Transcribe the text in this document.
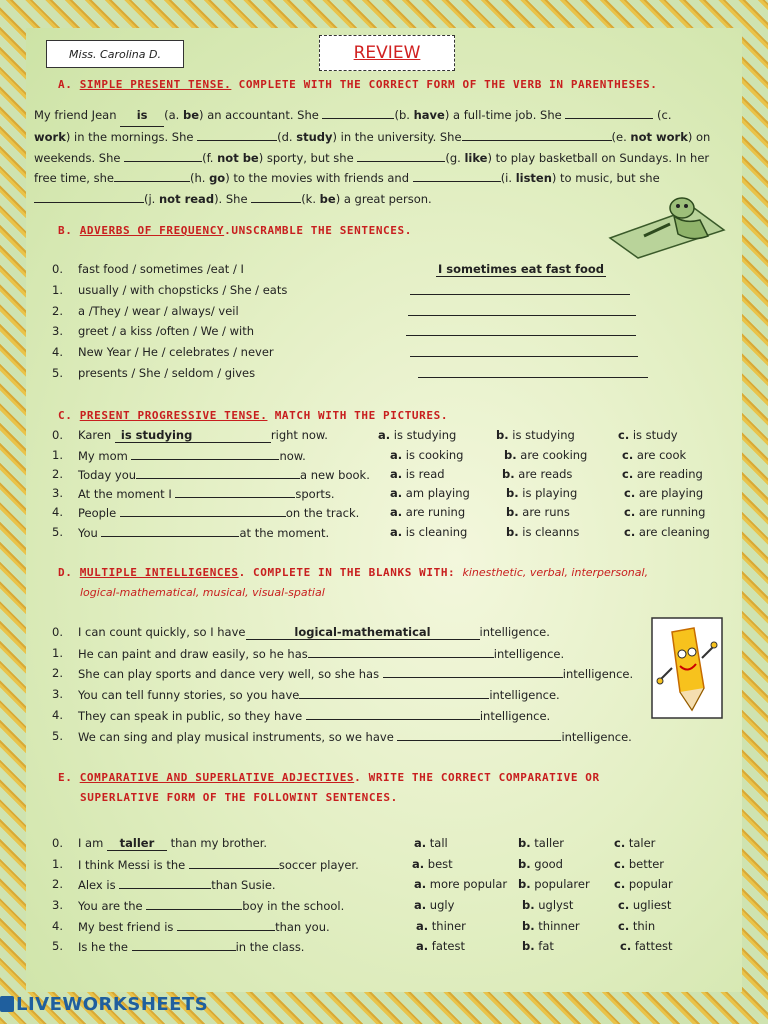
Miss. Carolina D.	REVIEW
A. SIMPLE PRESENT TENSE. COMPLETE WITH THE CORRECT FORM OF THE VERB IN PARENTHESES.
My friend Jean is (a. be) an accountant. She	(b. have) a full-time job. She	(c.
work) in the mornings. She	(d. study) in the university. She	(e. not work) on
weekends. She	(f. not be) sporty, but she	(g. like) to play basketball on Sundays. In her
free time, she	(h. go) to the movies with friends and	(i. listen) to music, but she
(j. not read). She	(k. be) a great person.
B. ADVERBS OF FREQUENCY.UNSCRAMBLE THE SENTENCES.
0. fast food / sometimes /eat / I	I sometimes eat fast food
1. usually / with chopsticks / She / eats
2. a /They / wear / always/ veil
3. greet / a kiss /often / We / with
4. New Year / He / celebrates / never
5. presents / She / seldom / gives
C. PRESENT PROGRESSIVE TENSE. MATCH WITH THE PICTURES.
0. Karen is studying	right now.	a. is studying	b. is studying	c. is study
1. My mom	now.	a. is cooking	b. are cooking	c. are cook
2. Today you	a new book. a. is read	b. are reads	c. are reading
3. At the moment I	sports.	a. am playing	b. is playing	c. are playing
4. People	on the track.	a. are runing	b. are runs	c. are running
5. You	at the moment.	a. is cleaning	b. is cleanns	c. are cleaning
D. MULTIPLE INTELLIGENCES. COMPLETE IN THE BLANKS WITH: kinesthetic, verbal, interpersonal,
logical-mathematical, musical, visual-spatial
0. I can count quickly, so I have	logical-mathematical	intelligence.
1. He can paint and draw easily, so he has	intelligence.
2. She can play sports and dance very well, so she has	intelligence.
3. You can tell funny stories, so you have	intelligence.
4. They can speak in public, so they have	intelligence.
5. We can sing and play musical instruments, so we have	intelligence.
E. COMPARATIVE AND SUPERLATIVE ADJECTIVES. WRITE THE CORRECT COMPARATIVE OR
SUPERLATIVE FORM OF THE FOLLOWINT SENTENCES.
0. I am taller than my brother.	a. tall	b. taller	c. taler
1. I think Messi is the	soccer player.	a. best	b. good	c. better
2. Alex is	than Susie.	a. more popular b. popularer c. popular
3. You are the	boy in the school.	a. ugly	b. uglyst	c. ugliest
4. My best friend is	than you.	a. thiner	b. thinner	c. thin
5. Is he the	in the class.	a. fatest	b. fat	c. fattest
LIVEWORKSHEETS
